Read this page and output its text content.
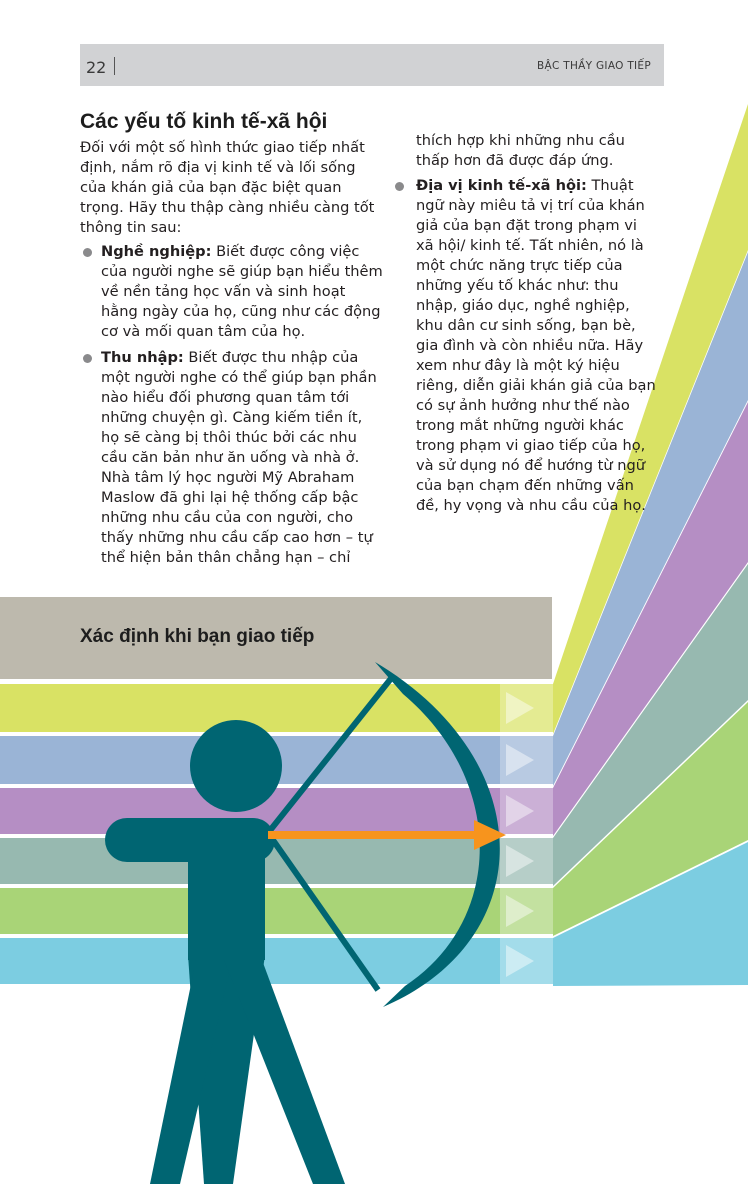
22	BẬC THẦY GIAO TIẾP
Các yếu tố kinh tế-xã hội

Đối với một số hình thức giao tiếp nhất định, nắm rõ địa vị kinh tế và lối sống của khán giả của bạn đặc biệt quan trọng. Hãy thu thập càng nhiều càng tốt thông tin sau:

Nghề nghiệp: Biết được công việc của người nghe sẽ giúp bạn hiểu thêm về nền tảng học vấn và sinh hoạt hằng ngày của họ, cũng như các động cơ và mối quan tâm của họ.
Thu nhập: Biết được thu nhập của một người nghe có thể giúp bạn phần nào hiểu đối phương quan tâm tới những chuyện gì. Càng kiếm tiền ít, họ sẽ càng bị thôi thúc bởi các nhu cầu căn bản như ăn uống và nhà ở. Nhà tâm lý học người Mỹ Abraham Maslow đã ghi lại hệ thống cấp bậc những nhu cầu của con người, cho thấy những nhu cầu cấp cao hơn – tự thể hiện bản thân chẳng hạn – chỉ

thích hợp khi những nhu cầu thấp hơn đã được đáp ứng.

Địa vị kinh tế-xã hội: Thuật ngữ này miêu tả vị trí của khán giả của bạn đặt trong phạm vi xã hội/ kinh tế. Tất nhiên, nó là một chức năng trực tiếp của những yếu tố khác như: thu nhập, giáo dục, nghề nghiệp, khu dân cư sinh sống, bạn bè, gia đình và còn nhiều nữa. Hãy xem như đây là một ký hiệu riêng, diễn giải khán giả của bạn có sự ảnh hưởng như thế nào trong mắt những người khác trong phạm vi giao tiếp của họ, và sử dụng nó để hướng từ ngữ của bạn chạm đến những vấn đề, hy vọng và nhu cầu của họ.
Xác định khi bạn giao tiếp
